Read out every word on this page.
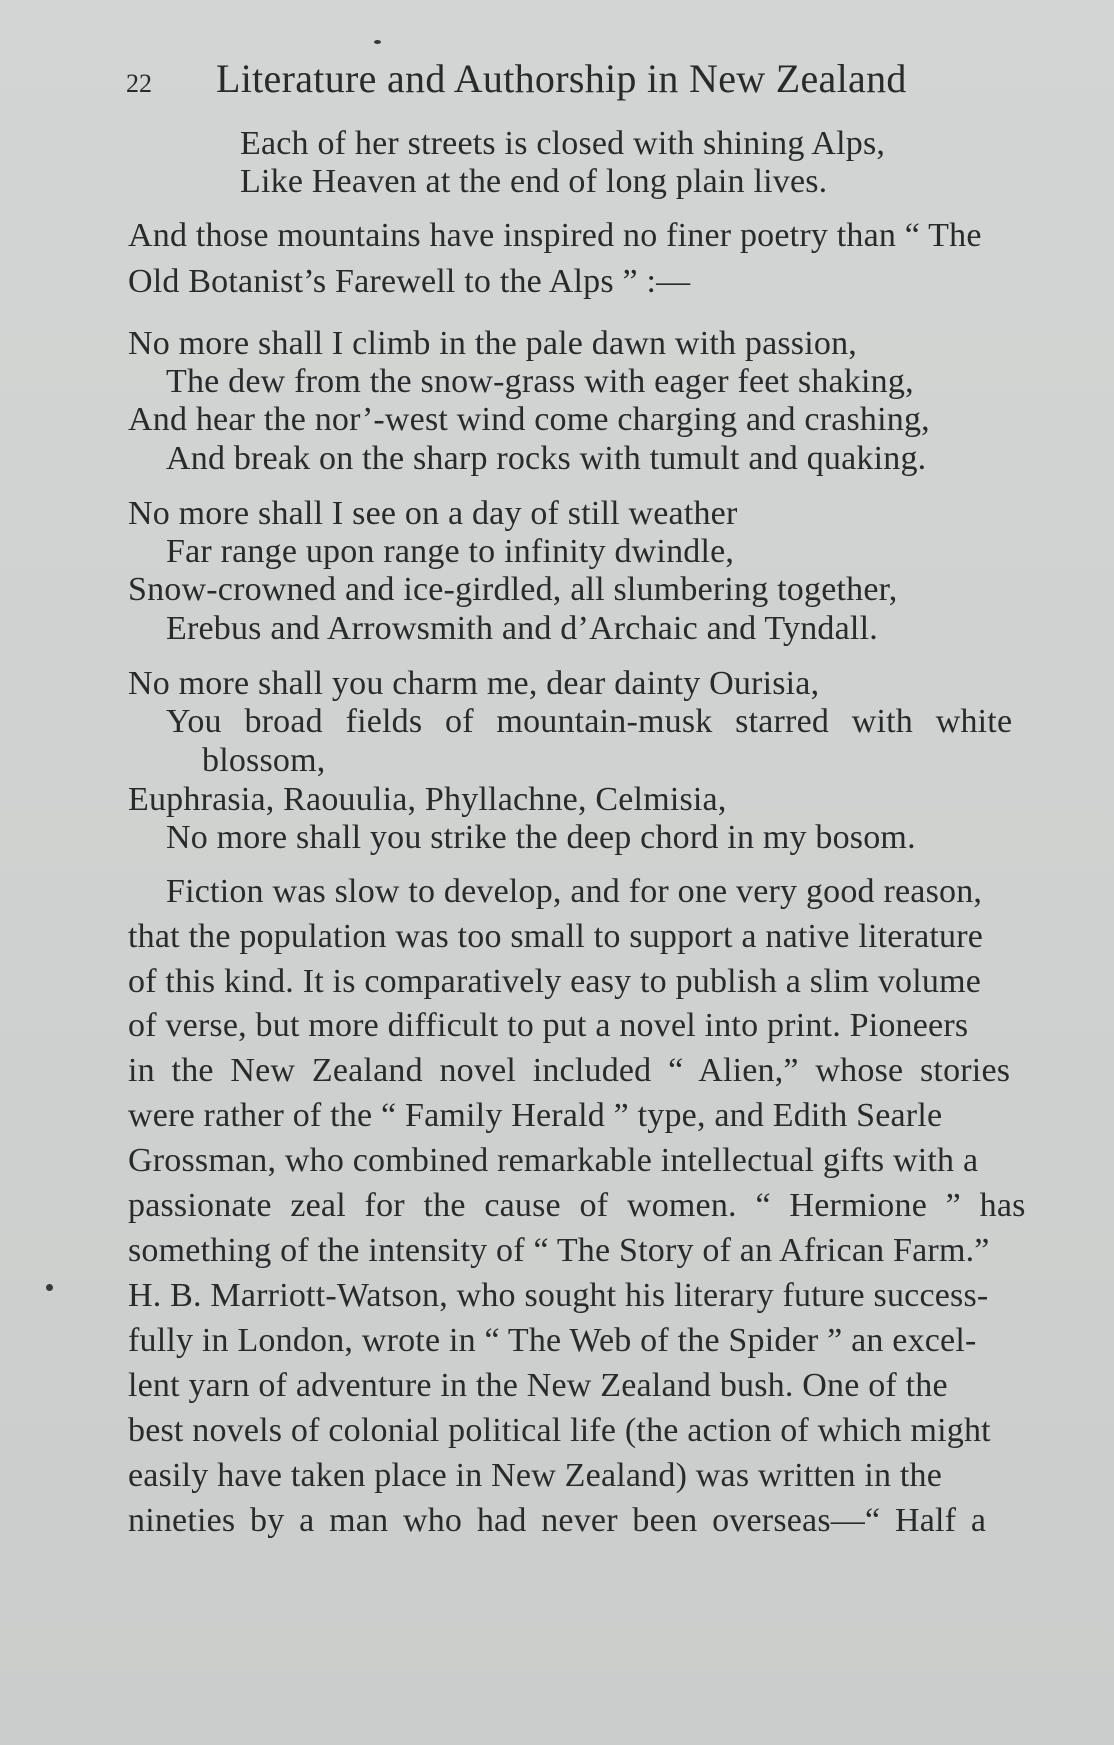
22 Literature and Authorship in New Zealand
Each of her streets is closed with shining Alps,
Like Heaven at the end of long plain lives.
And those mountains have inspired no finer poetry than “ The
Old Botanist’s Farewell to the Alps ” :—
No more shall I climb in the pale dawn with passion,
The dew from the snow-grass with eager feet shaking,
And hear the nor’-west wind come charging and crashing,
And break on the sharp rocks with tumult and quaking.
No more shall I see on a day of still weather
Far range upon range to infinity dwindle,
Snow-crowned and ice-girdled, all slumbering together,
Erebus and Arrowsmith and d’Archaic and Tyndall.
No more shall you charm me, dear dainty Ourisia,
You broad fields of mountain-musk starred with white
blossom,
Euphrasia, Raouulia, Phyllachne, Celmisia,
No more shall you strike the deep chord in my bosom.
Fiction was slow to develop, and for one very good reason,
that the population was too small to support a native literature
of this kind. It is comparatively easy to publish a slim volume
of verse, but more difficult to put a novel into print. Pioneers
in the New Zealand novel included “ Alien,” whose stories
were rather of the “ Family Herald ” type, and Edith Searle
Grossman, who combined remarkable intellectual gifts with a
passionate zeal for the cause of women. “ Hermione ” has
something of the intensity of “ The Story of an African Farm.”
H. B. Marriott-Watson, who sought his literary future success-
fully in London, wrote in “ The Web of the Spider ” an excel-
lent yarn of adventure in the New Zealand bush. One of the
best novels of colonial political life (the action of which might
easily have taken place in New Zealand) was written in the
nineties by a man who had never been overseas—“ Half a
